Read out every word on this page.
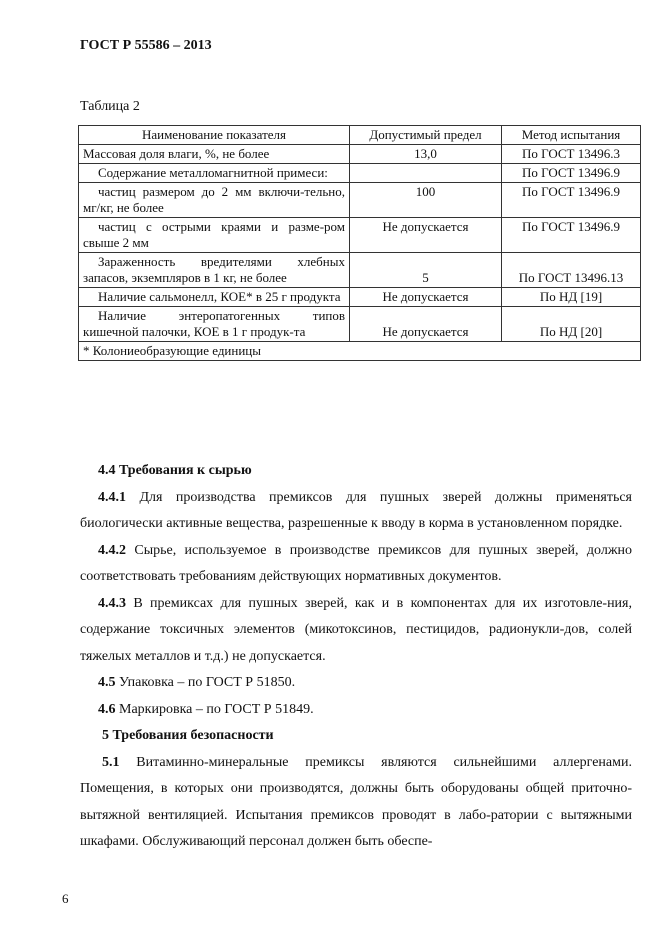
ГОСТ Р 55586 – 2013
Таблица 2
Наименование показателя	Допустимый предел	Метод испытания
Массовая доля влаги, %, не более	13,0	По ГОСТ 13496.3
Содержание металломагнитной примеси:		По ГОСТ 13496.9
частиц размером до 2 мм включи-тельно, мг/кг, не более	100	По ГОСТ 13496.9
частиц с острыми краями и разме-ром свыше 2 мм	Не допускается	По ГОСТ 13496.9
Зараженность вредителями хлебных запасов, экземпляров в 1 кг, не более	5	По ГОСТ 13496.13
Наличие сальмонелл, КОЕ* в 25 г продукта	Не допускается	По НД [19]
Наличие энтеропатогенных типов кишечной палочки, КОЕ в 1 г продук-та	Не допускается	По НД [20]
* Колониеобразующие единицы		

4.4 Требования к сырью

4.4.1 Для производства премиксов для пушных зверей должны применяться биологически активные вещества, разрешенные к вводу в корма в установленном порядке.

4.4.2 Сырье, используемое в производстве премиксов для пушных зверей, должно соответствовать требованиям действующих нормативных документов.

4.4.3 В премиксах для пушных зверей, как и в компонентах для их изготовле-ния, содержание токсичных элементов (микотоксинов, пестицидов, радионукли-дов, солей тяжелых металлов и т.д.) не допускается.

4.5 Упаковка – по ГОСТ Р 51850.

4.6 Маркировка – по ГОСТ Р 51849.

5 Требования безопасности

5.1 Витаминно-минеральные премиксы являются сильнейшими аллергенами. Помещения, в которых они производятся, должны быть оборудованы общей приточно-вытяжной вентиляцией. Испытания премиксов проводят в лабо-ратории с вытяжными шкафами. Обслуживающий персонал должен быть обеспе-

6
